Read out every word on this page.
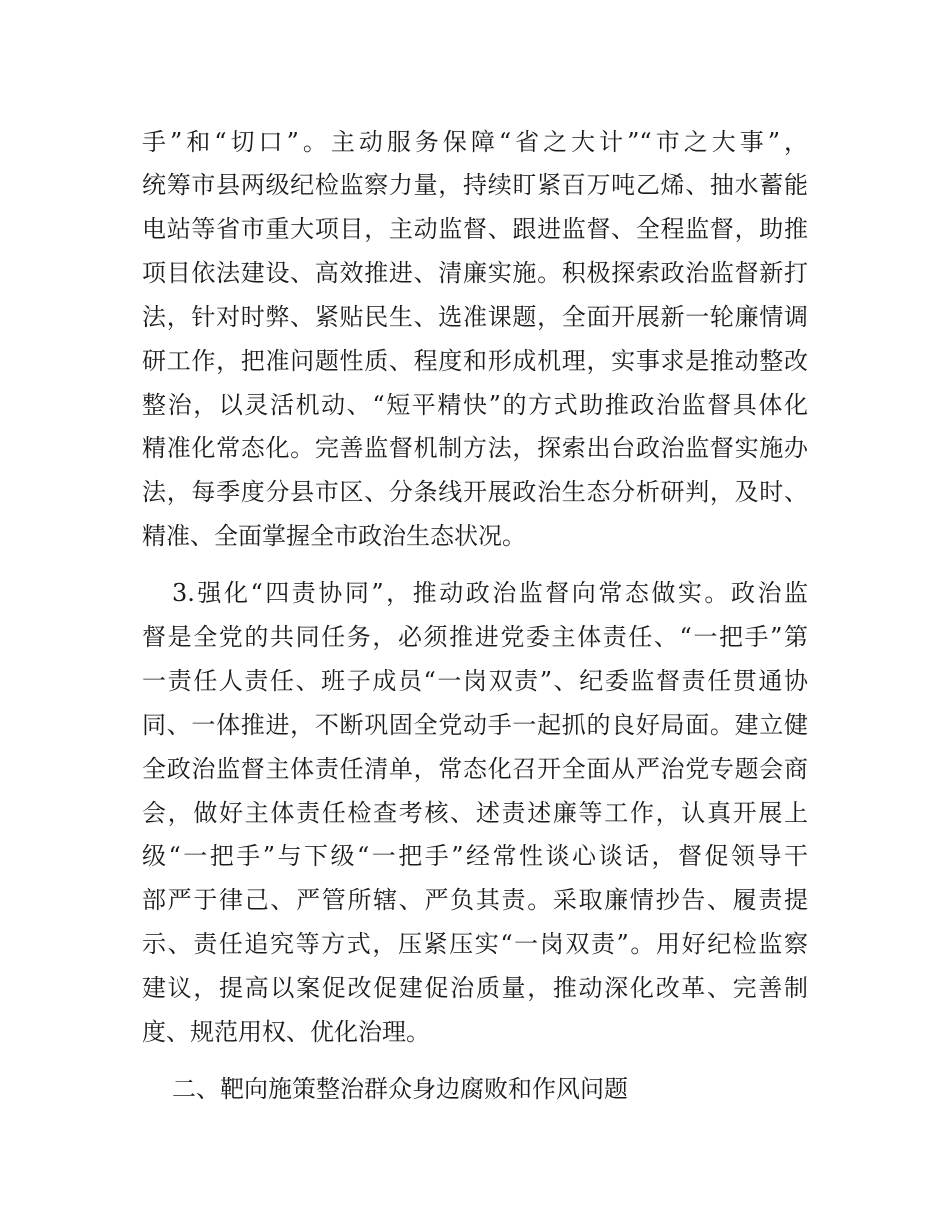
手”和“切口”。主动服务保障“省之大计”“市之大事”，
统筹市县两级纪检监察力量，持续盯紧百万吨乙烯、抽水蓄能
电站等省市重大项目，主动监督、跟进监督、全程监督，助推
项目依法建设、高效推进、清廉实施。积极探索政治监督新打
法，针对时弊、紧贴民生、选准课题，全面开展新一轮廉情调
研工作，把准问题性质、程度和形成机理，实事求是推动整改
整治，以灵活机动、“短平精快”的方式助推政治监督具体化
精准化常态化。完善监督机制方法，探索出台政治监督实施办
法，每季度分县市区、分条线开展政治生态分析研判，及时、
精准、全面掌握全市政治生态状况。
3.强化“四责协同”，推动政治监督向常态做实。政治监
督是全党的共同任务，必须推进党委主体责任、“一把手”第
一责任人责任、班子成员“一岗双责”、纪委监督责任贯通协
同、一体推进，不断巩固全党动手一起抓的良好局面。建立健
全政治监督主体责任清单，常态化召开全面从严治党专题会商
会，做好主体责任检查考核、述责述廉等工作，认真开展上
级“一把手”与下级“一把手”经常性谈心谈话，督促领导干
部严于律己、严管所辖、严负其责。采取廉情抄告、履责提
示、责任追究等方式，压紧压实“一岗双责”。用好纪检监察
建议，提高以案促改促建促治质量，推动深化改革、完善制
度、规范用权、优化治理。
二、靶向施策整治群众身边腐败和作风问题
